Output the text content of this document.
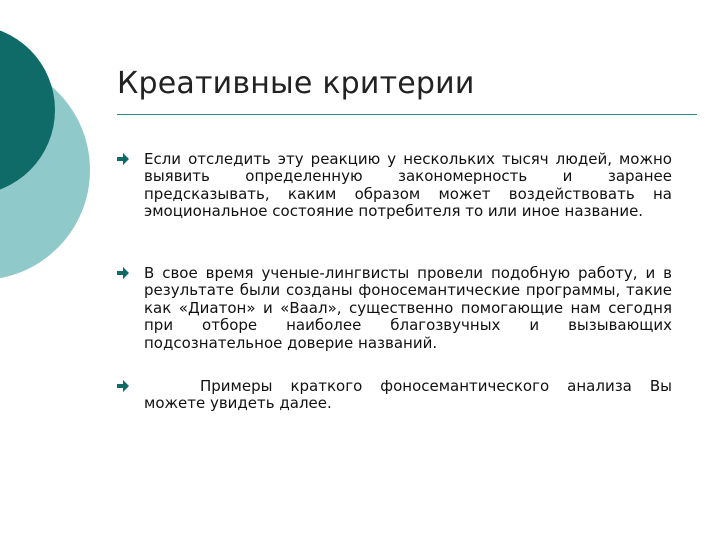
Креативные критерии
Если отследить эту реакцию у нескольких тысяч людей, можно выявить определенную закономерность и заранее предсказывать, каким образом может воздействовать на эмоциональное состояние потребителя то или иное название.
В свое время ученые-лингвисты провели подобную работу, и в результате были созданы фоносемантические программы, такие как «Диатон» и «Ваал», существенно помогающие нам сегодня при отборе наиболее благозвучных и вызывающих подсознательное доверие названий.
Примеры краткого фоносемантического анализа Вы можете увидеть далее.
